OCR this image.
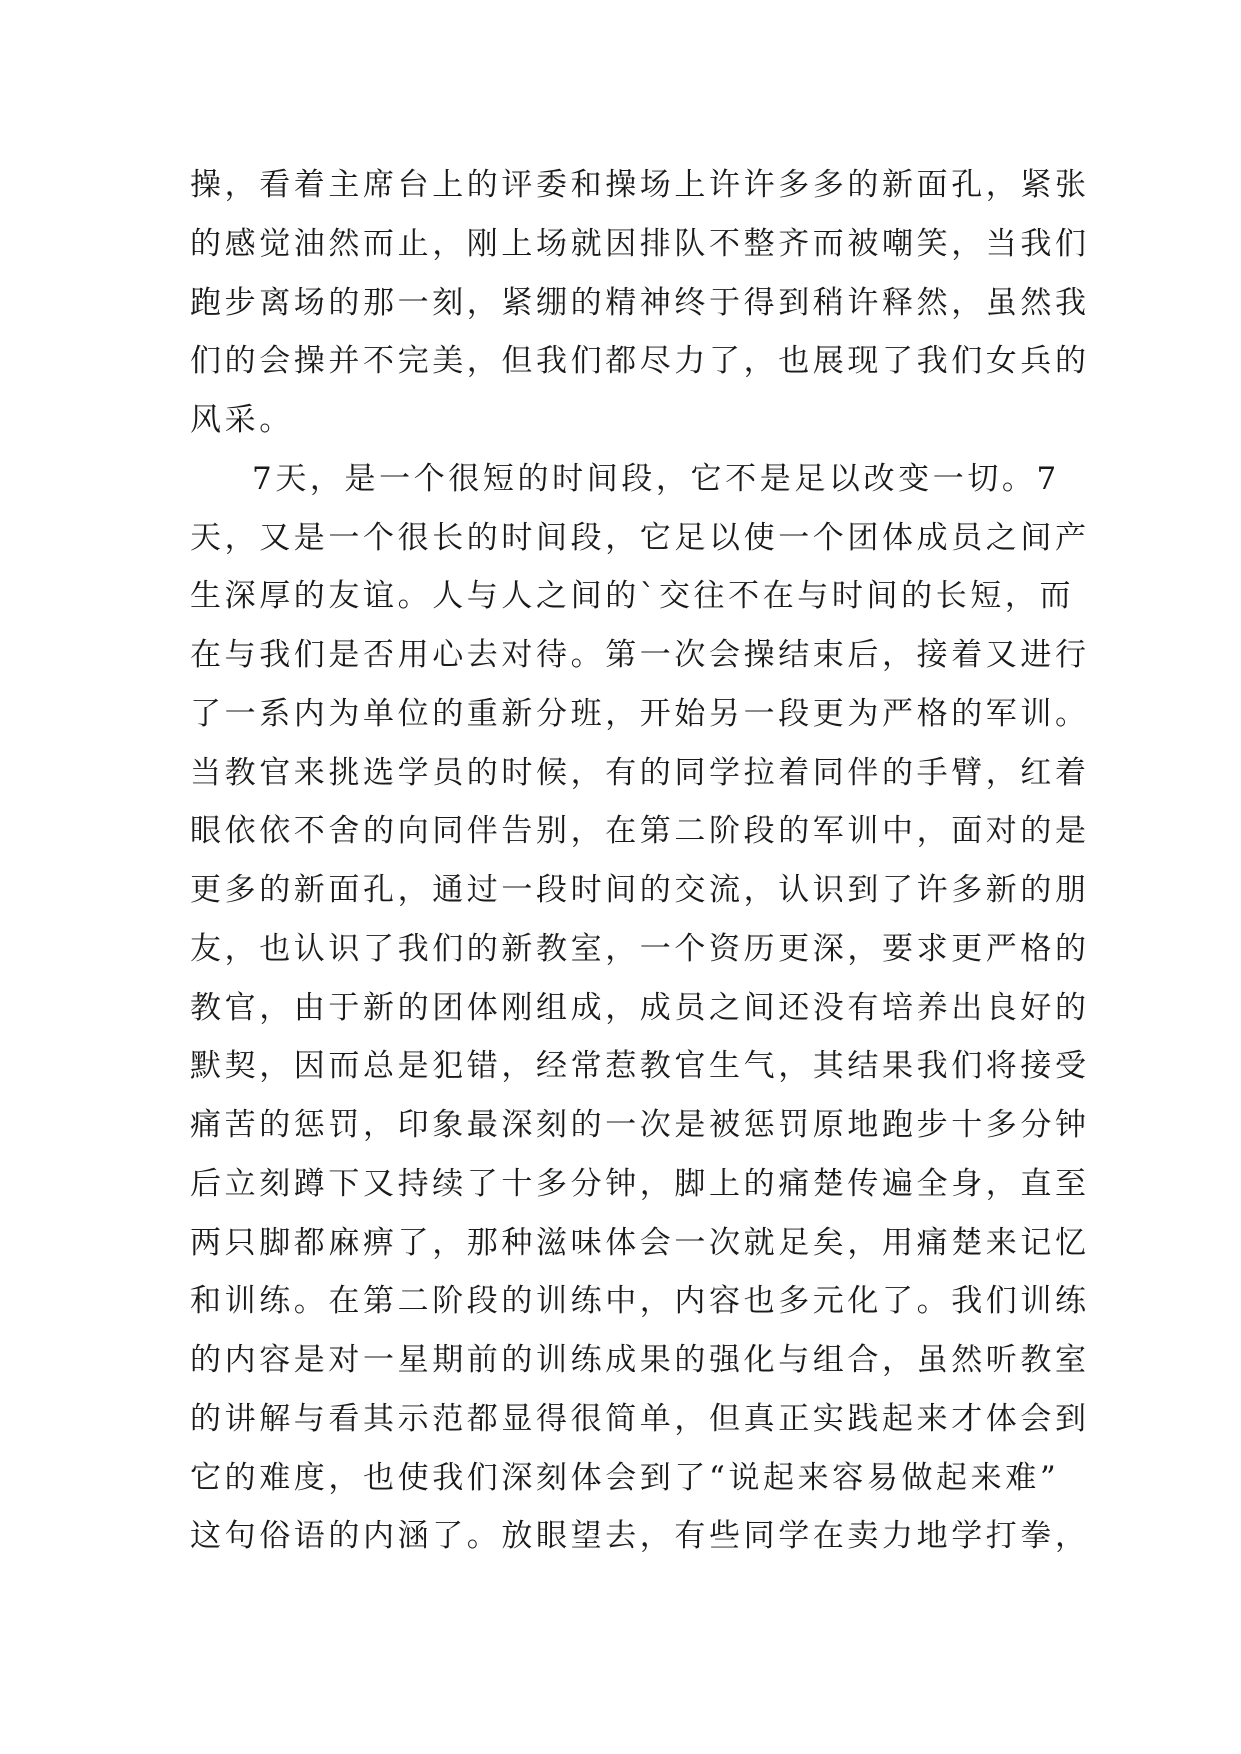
操，看着主席台上的评委和操场上许许多多的新面孔，紧张
的感觉油然而止，刚上场就因排队不整齐而被嘲笑，当我们
跑步离场的那一刻，紧绷的精神终于得到稍许释然，虽然我
们的会操并不完美，但我们都尽力了，也展现了我们女兵的
风采。
7天，是一个很短的时间段，它不是足以改变一切。7
天，又是一个很长的时间段，它足以使一个团体成员之间产
生深厚的友谊。人与人之间的`交往不在与时间的长短，而
在与我们是否用心去对待。第一次会操结束后，接着又进行
了一系内为单位的重新分班，开始另一段更为严格的军训。
当教官来挑选学员的时候，有的同学拉着同伴的手臂，红着
眼依依不舍的向同伴告别，在第二阶段的军训中，面对的是
更多的新面孔，通过一段时间的交流，认识到了许多新的朋
友，也认识了我们的新教室，一个资历更深，要求更严格的
教官，由于新的团体刚组成，成员之间还没有培养出良好的
默契，因而总是犯错，经常惹教官生气，其结果我们将接受
痛苦的惩罚，印象最深刻的一次是被惩罚原地跑步十多分钟
后立刻蹲下又持续了十多分钟，脚上的痛楚传遍全身，直至
两只脚都麻痹了，那种滋味体会一次就足矣，用痛楚来记忆
和训练。在第二阶段的训练中，内容也多元化了。我们训练
的内容是对一星期前的训练成果的强化与组合，虽然听教室
的讲解与看其示范都显得很简单，但真正实践起来才体会到
它的难度，也使我们深刻体会到了“说起来容易做起来难”
这句俗语的内涵了。放眼望去，有些同学在卖力地学打拳，
